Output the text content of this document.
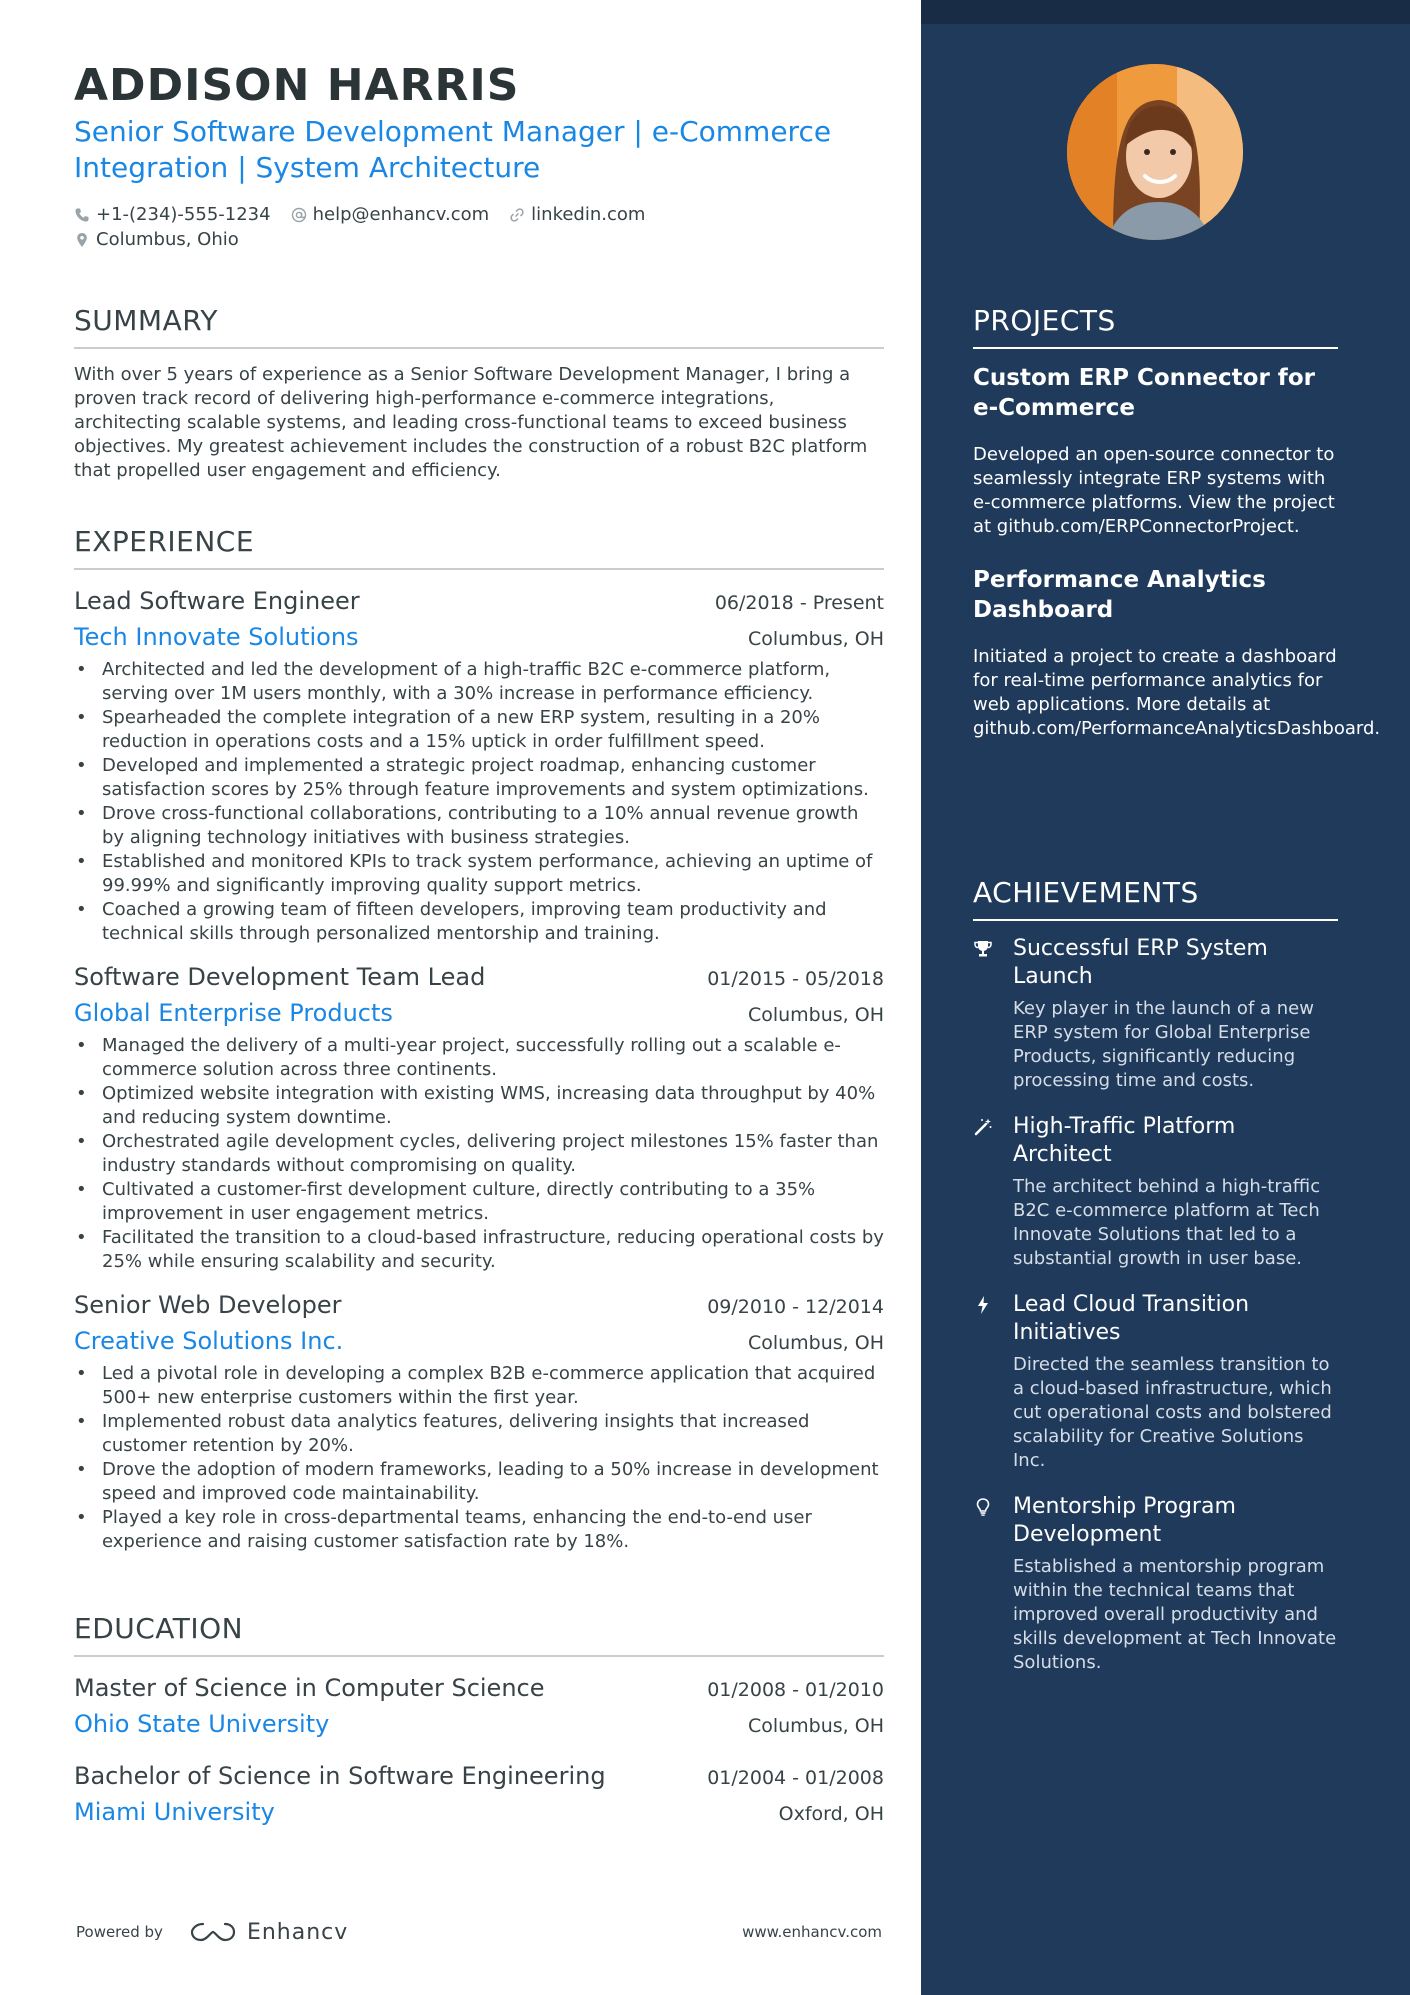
ADDISON HARRIS
Senior Software Development Manager | e-Commerce Integration | System Architecture
+1-(234)-555-1234 help@enhancv.com linkedin.com
Columbus, Ohio
SUMMARY
With over 5 years of experience as a Senior Software Development Manager, I bring a proven track record of delivering high-performance e-commerce integrations, architecting scalable systems, and leading cross-functional teams to exceed business objectives. My greatest achievement includes the construction of a robust B2C platform that propelled user engagement and efficiency.
EXPERIENCE
Lead Software Engineer	06/2018 - Present
Tech Innovate Solutions	Columbus, OH
• Architected and led the development of a high-traffic B2C e-commerce platform, serving over 1M users monthly, with a 30% increase in performance efficiency.
• Spearheaded the complete integration of a new ERP system, resulting in a 20% reduction in operations costs and a 15% uptick in order fulfillment speed.
• Developed and implemented a strategic project roadmap, enhancing customer satisfaction scores by 25% through feature improvements and system optimizations.
• Drove cross-functional collaborations, contributing to a 10% annual revenue growth by aligning technology initiatives with business strategies.
• Established and monitored KPIs to track system performance, achieving an uptime of 99.99% and significantly improving quality support metrics.
• Coached a growing team of fifteen developers, improving team productivity and technical skills through personalized mentorship and training.
Software Development Team Lead	01/2015 - 05/2018
Global Enterprise Products	Columbus, OH
• Managed the delivery of a multi-year project, successfully rolling out a scalable e-commerce solution across three continents.
• Optimized website integration with existing WMS, increasing data throughput by 40% and reducing system downtime.
• Orchestrated agile development cycles, delivering project milestones 15% faster than industry standards without compromising on quality.
• Cultivated a customer-first development culture, directly contributing to a 35% improvement in user engagement metrics.
• Facilitated the transition to a cloud-based infrastructure, reducing operational costs by 25% while ensuring scalability and security.
Senior Web Developer	09/2010 - 12/2014
Creative Solutions Inc.	Columbus, OH
• Led a pivotal role in developing a complex B2B e-commerce application that acquired 500+ new enterprise customers within the first year.
• Implemented robust data analytics features, delivering insights that increased customer retention by 20%.
• Drove the adoption of modern frameworks, leading to a 50% increase in development speed and improved code maintainability.
• Played a key role in cross-departmental teams, enhancing the end-to-end user experience and raising customer satisfaction rate by 18%.
EDUCATION
Master of Science in Computer Science	01/2008 - 01/2010
Ohio State University	Columbus, OH
Bachelor of Science in Software Engineering	01/2004 - 01/2008
Miami University	Oxford, OH
Powered by	Enhancv	www.enhancv.com
PROJECTS
Custom ERP Connector for e-Commerce
Developed an open-source connector to seamlessly integrate ERP systems with e-commerce platforms. View the project at github.com/ERPConnectorProject.
Performance Analytics Dashboard
Initiated a project to create a dashboard for real-time performance analytics for web applications. More details at github.com/PerformanceAnalyticsDashboard.
ACHIEVEMENTS
Successful ERP System Launch
Key player in the launch of a new ERP system for Global Enterprise Products, significantly reducing processing time and costs.
High-Traffic Platform Architect
The architect behind a high-traffic B2C e-commerce platform at Tech Innovate Solutions that led to a substantial growth in user base.
Lead Cloud Transition Initiatives
Directed the seamless transition to a cloud-based infrastructure, which cut operational costs and bolstered scalability for Creative Solutions Inc.
Mentorship Program Development
Established a mentorship program within the technical teams that improved overall productivity and skills development at Tech Innovate Solutions.
